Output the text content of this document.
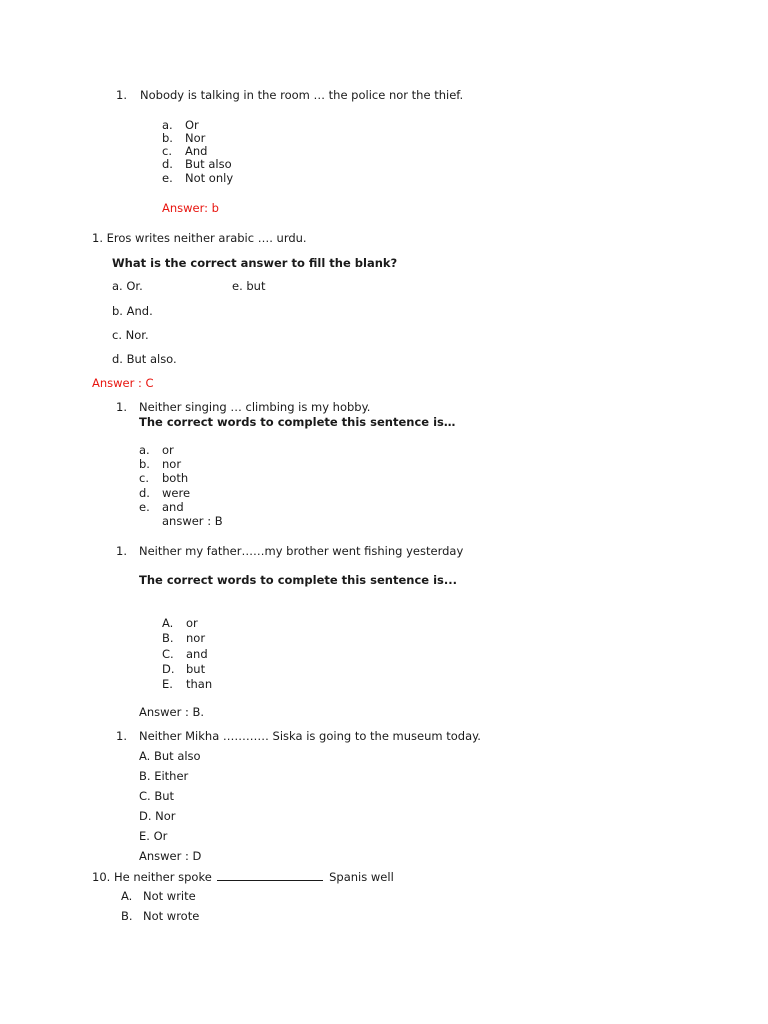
1. Nobody is talking in the room … the police nor the thief.
a. Or
b. Nor
c. And
d. But also
e. Not only
Answer: b
1. Eros writes neither arabic …. urdu.
What is the correct answer to fill the blank?
a. Or.	e. but
b. And.
c. Nor.
d. But also.
Answer : C
1. Neither singing … climbing is my hobby.
The correct words to complete this sentence is…
a. or
b. nor
c. both
d. were
e. and
answer : B
1. Neither my father……my brother went fishing yesterday
The correct words to complete this sentence is...
A. or
B. nor
C. and
D. but
E. than
Answer : B.
1. Neither Mikha ………… Siska is going to the museum today.
A. But also
B. Either
C. But
D. Nor
E. Or
Answer : D
10. He neither spoke	Spanis well
A. Not write
B. Not wrote
